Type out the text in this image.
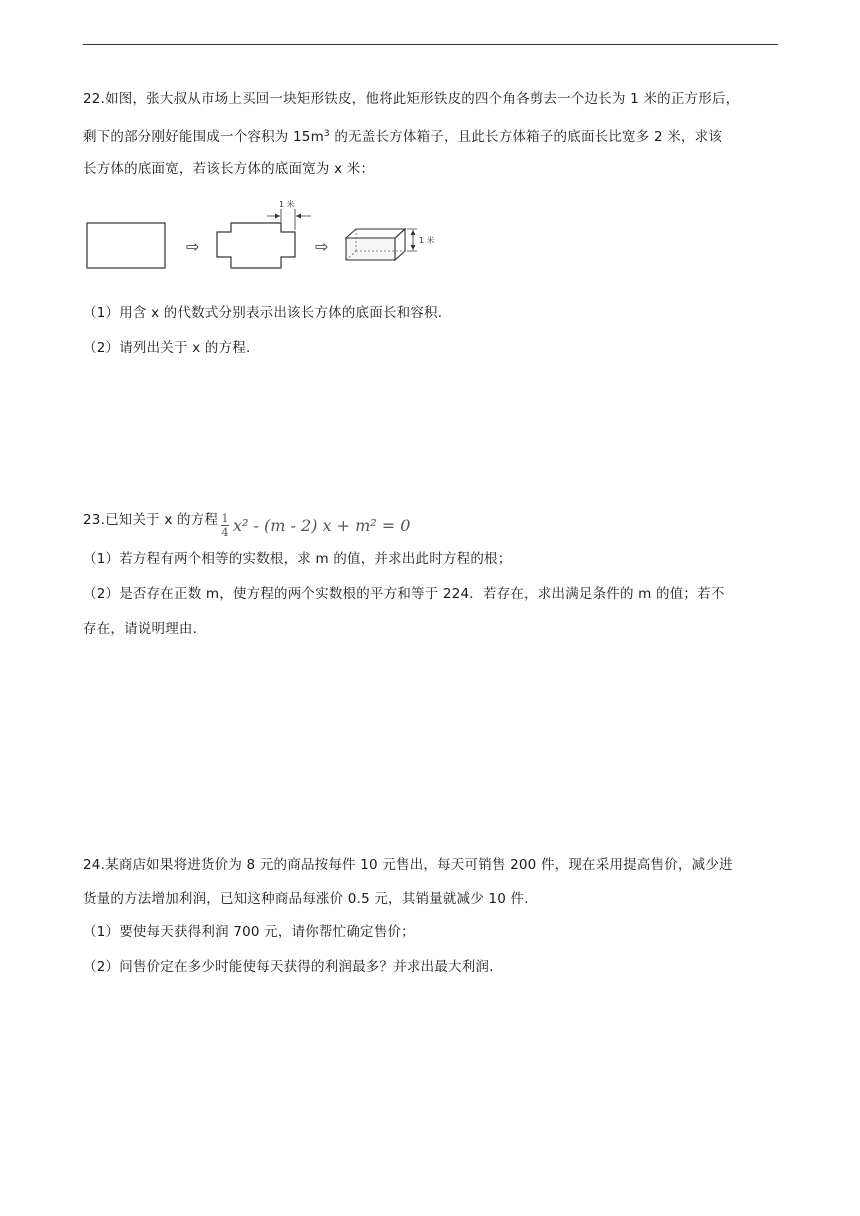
22.如图，张大叔从市场上买回一块矩形铁皮，他将此矩形铁皮的四个角各剪去一个边长为 1 米的正方形后，
剩下的部分刚好能围成一个容积为 $15m^3$ 的无盖长方体箱子，且此长方体箱子的底面长比宽多 2 米，求该
长方体的底面宽，若该长方体的底面宽为 x 米：
⇨
1 米
⇨	1 米
（1）用含 x 的代数式分别表示出该长方体的底面长和容积.
（2）请列出关于 x 的方程.
23.已知关于 x 的方程 $\frac{1}{4} x^2 - (m - 2) x + m^2 = 0$
（1）若方程有两个相等的实数根，求 m 的值，并求出此时方程的根；
（2）是否存在正数 m，使方程的两个实数根的平方和等于 224．若存在，求出满足条件的 m 的值；若不
存在，请说明理由.
24.某商店如果将进货价为 8 元的商品按每件 10 元售出，每天可销售 200 件，现在采用提高售价，减少进
货量的方法增加利润，已知这种商品每涨价 0.5 元，其销量就减少 10 件.
（1）要使每天获得利润 700 元，请你帮忙确定售价；
（2）问售价定在多少时能使每天获得的利润最多？并求出最大利润.
